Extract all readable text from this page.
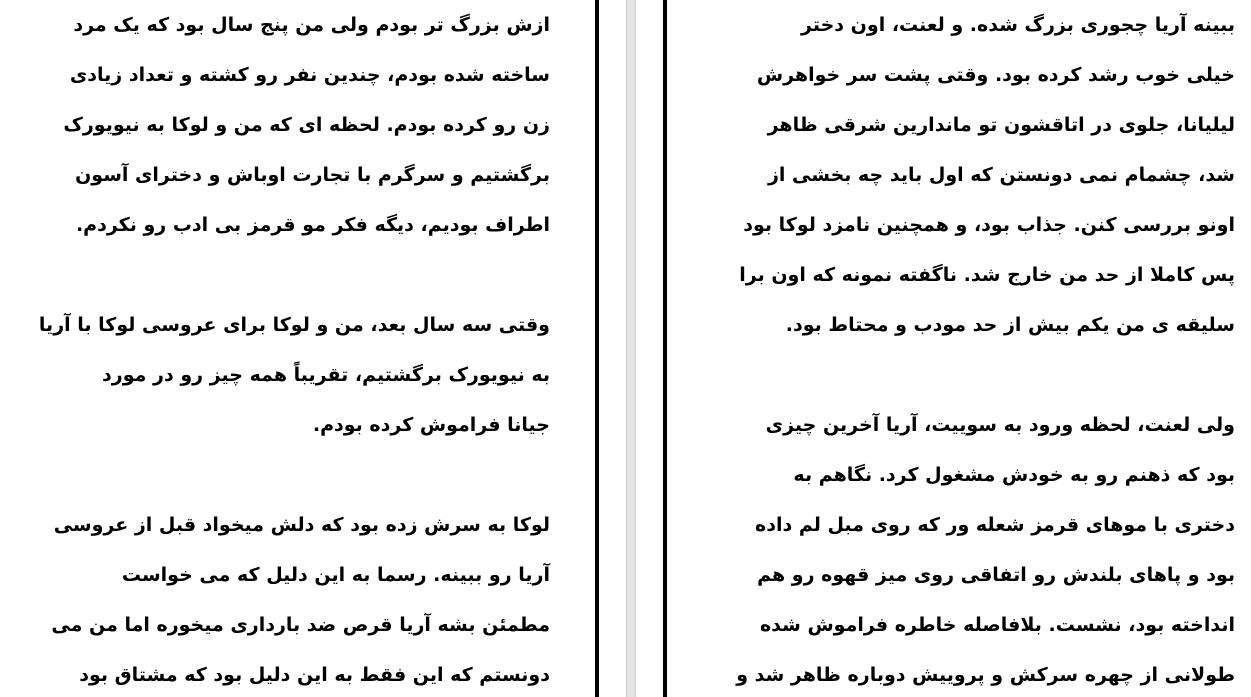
ازش بزرگ تر بودم ولی من پنج سال بود که یک مرد
ساخته شده بودم، چندین نفر رو کشته و تعداد زیادی
زن رو کرده بودم. لحظه ای که من و لوکا به نیویورک
برگشتیم و سرگرم با تجارت اوباش و دخترای آسون
اطراف بودیم، دیگه فکر مو قرمز بی ادب رو نکردم.
وقتی سه سال بعد، من و لوکا برای عروسی لوکا با آریا
به نیویورک برگشتیم، تقریباً همه چیز رو در مورد
جیانا فراموش کرده بودم.
لوکا به سرش زده بود که دلش میخواد قبل از عروسی
آریا رو ببینه. رسما به این دلیل که می خواست
مطمئن بشه آریا قرص ضد بارداری میخوره اما من می
دونستم که این فقط به این دلیل بود که مشتاق بود
ببینه آریا چجوری بزرگ شده. و لعنت، اون دختر
خیلی خوب رشد کرده بود. وقتی پشت سر خواهرش
لیلیانا، جلوی در اتاقشون تو ماندارین شرقی ظاهر
شد، چشمام نمی دونستن که اول باید چه بخشی از
اونو بررسی کنن. جذاب بود، و همچنین نامزد لوکا بود
پس کاملا از حد من خارج شد. ناگفته نمونه که اون برا
سلیقه ی من یکم بیش از حد مودب و محتاط بود.
ولی لعنت، لحظه ورود به سوییت، آریا آخرین چیزی
بود که ذهنم رو به خودش مشغول کرد. نگاهم به
دختری با موهای قرمز شعله ور که روی مبل لم داده
بود و پاهای بلندش رو اتفاقی روی میز قهوه رو هم
انداخته بود، نشست. بلافاصله خاطره فراموش شده
طولانی از چهره سرکش و پروییش دوباره ظاهر شد و
